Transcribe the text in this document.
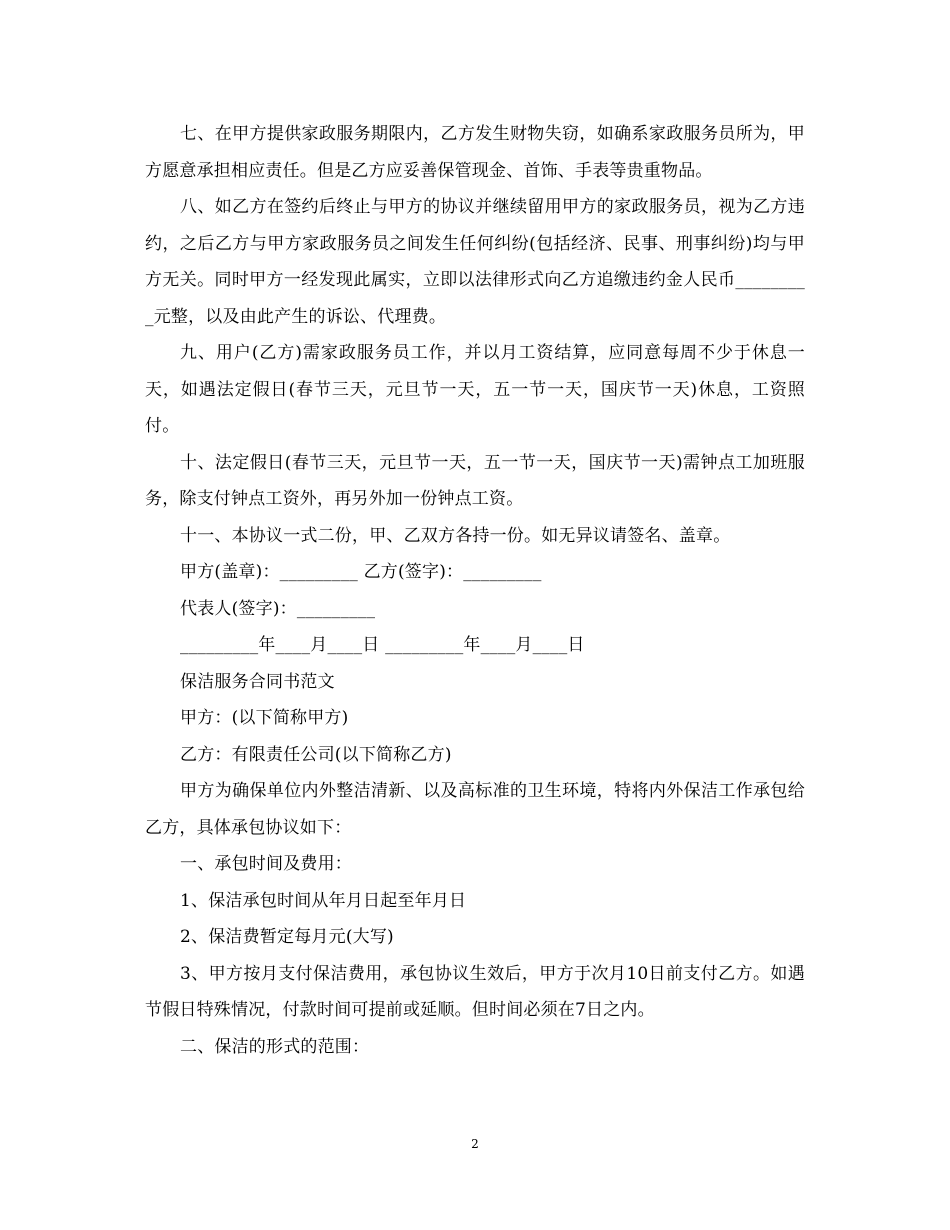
七、在甲方提供家政服务期限内，乙方发生财物失窃，如确系家政服务员所为，甲方愿意承担相应责任。但是乙方应妥善保管现金、首饰、手表等贵重物品。

八、如乙方在签约后终止与甲方的协议并继续留用甲方的家政服务员，视为乙方违约，之后乙方与甲方家政服务员之间发生任何纠纷(包括经济、民事、刑事纠纷)均与甲方无关。同时甲方一经发现此属实，立即以法律形式向乙方追缴违约金人民币_________元整，以及由此产生的诉讼、代理费。

九、用户(乙方)需家政服务员工作，并以月工资结算，应同意每周不少于休息一天，如遇法定假日(春节三天，元旦节一天，五一节一天，国庆节一天)休息，工资照付。

十、法定假日(春节三天，元旦节一天，五一节一天，国庆节一天)需钟点工加班服务，除支付钟点工资外，再另外加一份钟点工资。

十一、本协议一式二份，甲、乙双方各持一份。如无异议请签名、盖章。

甲方(盖章)：_________ 乙方(签字)：_________

代表人(签字)：_________

_________年____月____日 _________年____月____日

保洁服务合同书范文

甲方：(以下简称甲方)

乙方：有限责任公司(以下简称乙方)

甲方为确保单位内外整洁清新、以及高标准的卫生环境，特将内外保洁工作承包给乙方，具体承包协议如下：

一、承包时间及费用：

1、保洁承包时间从年月日起至年月日

2、保洁费暂定每月元(大写)

3、甲方按月支付保洁费用，承包协议生效后，甲方于次月10日前支付乙方。如遇节假日特殊情况，付款时间可提前或延顺。但时间必须在7日之内。

二、保洁的形式的范围：

2
